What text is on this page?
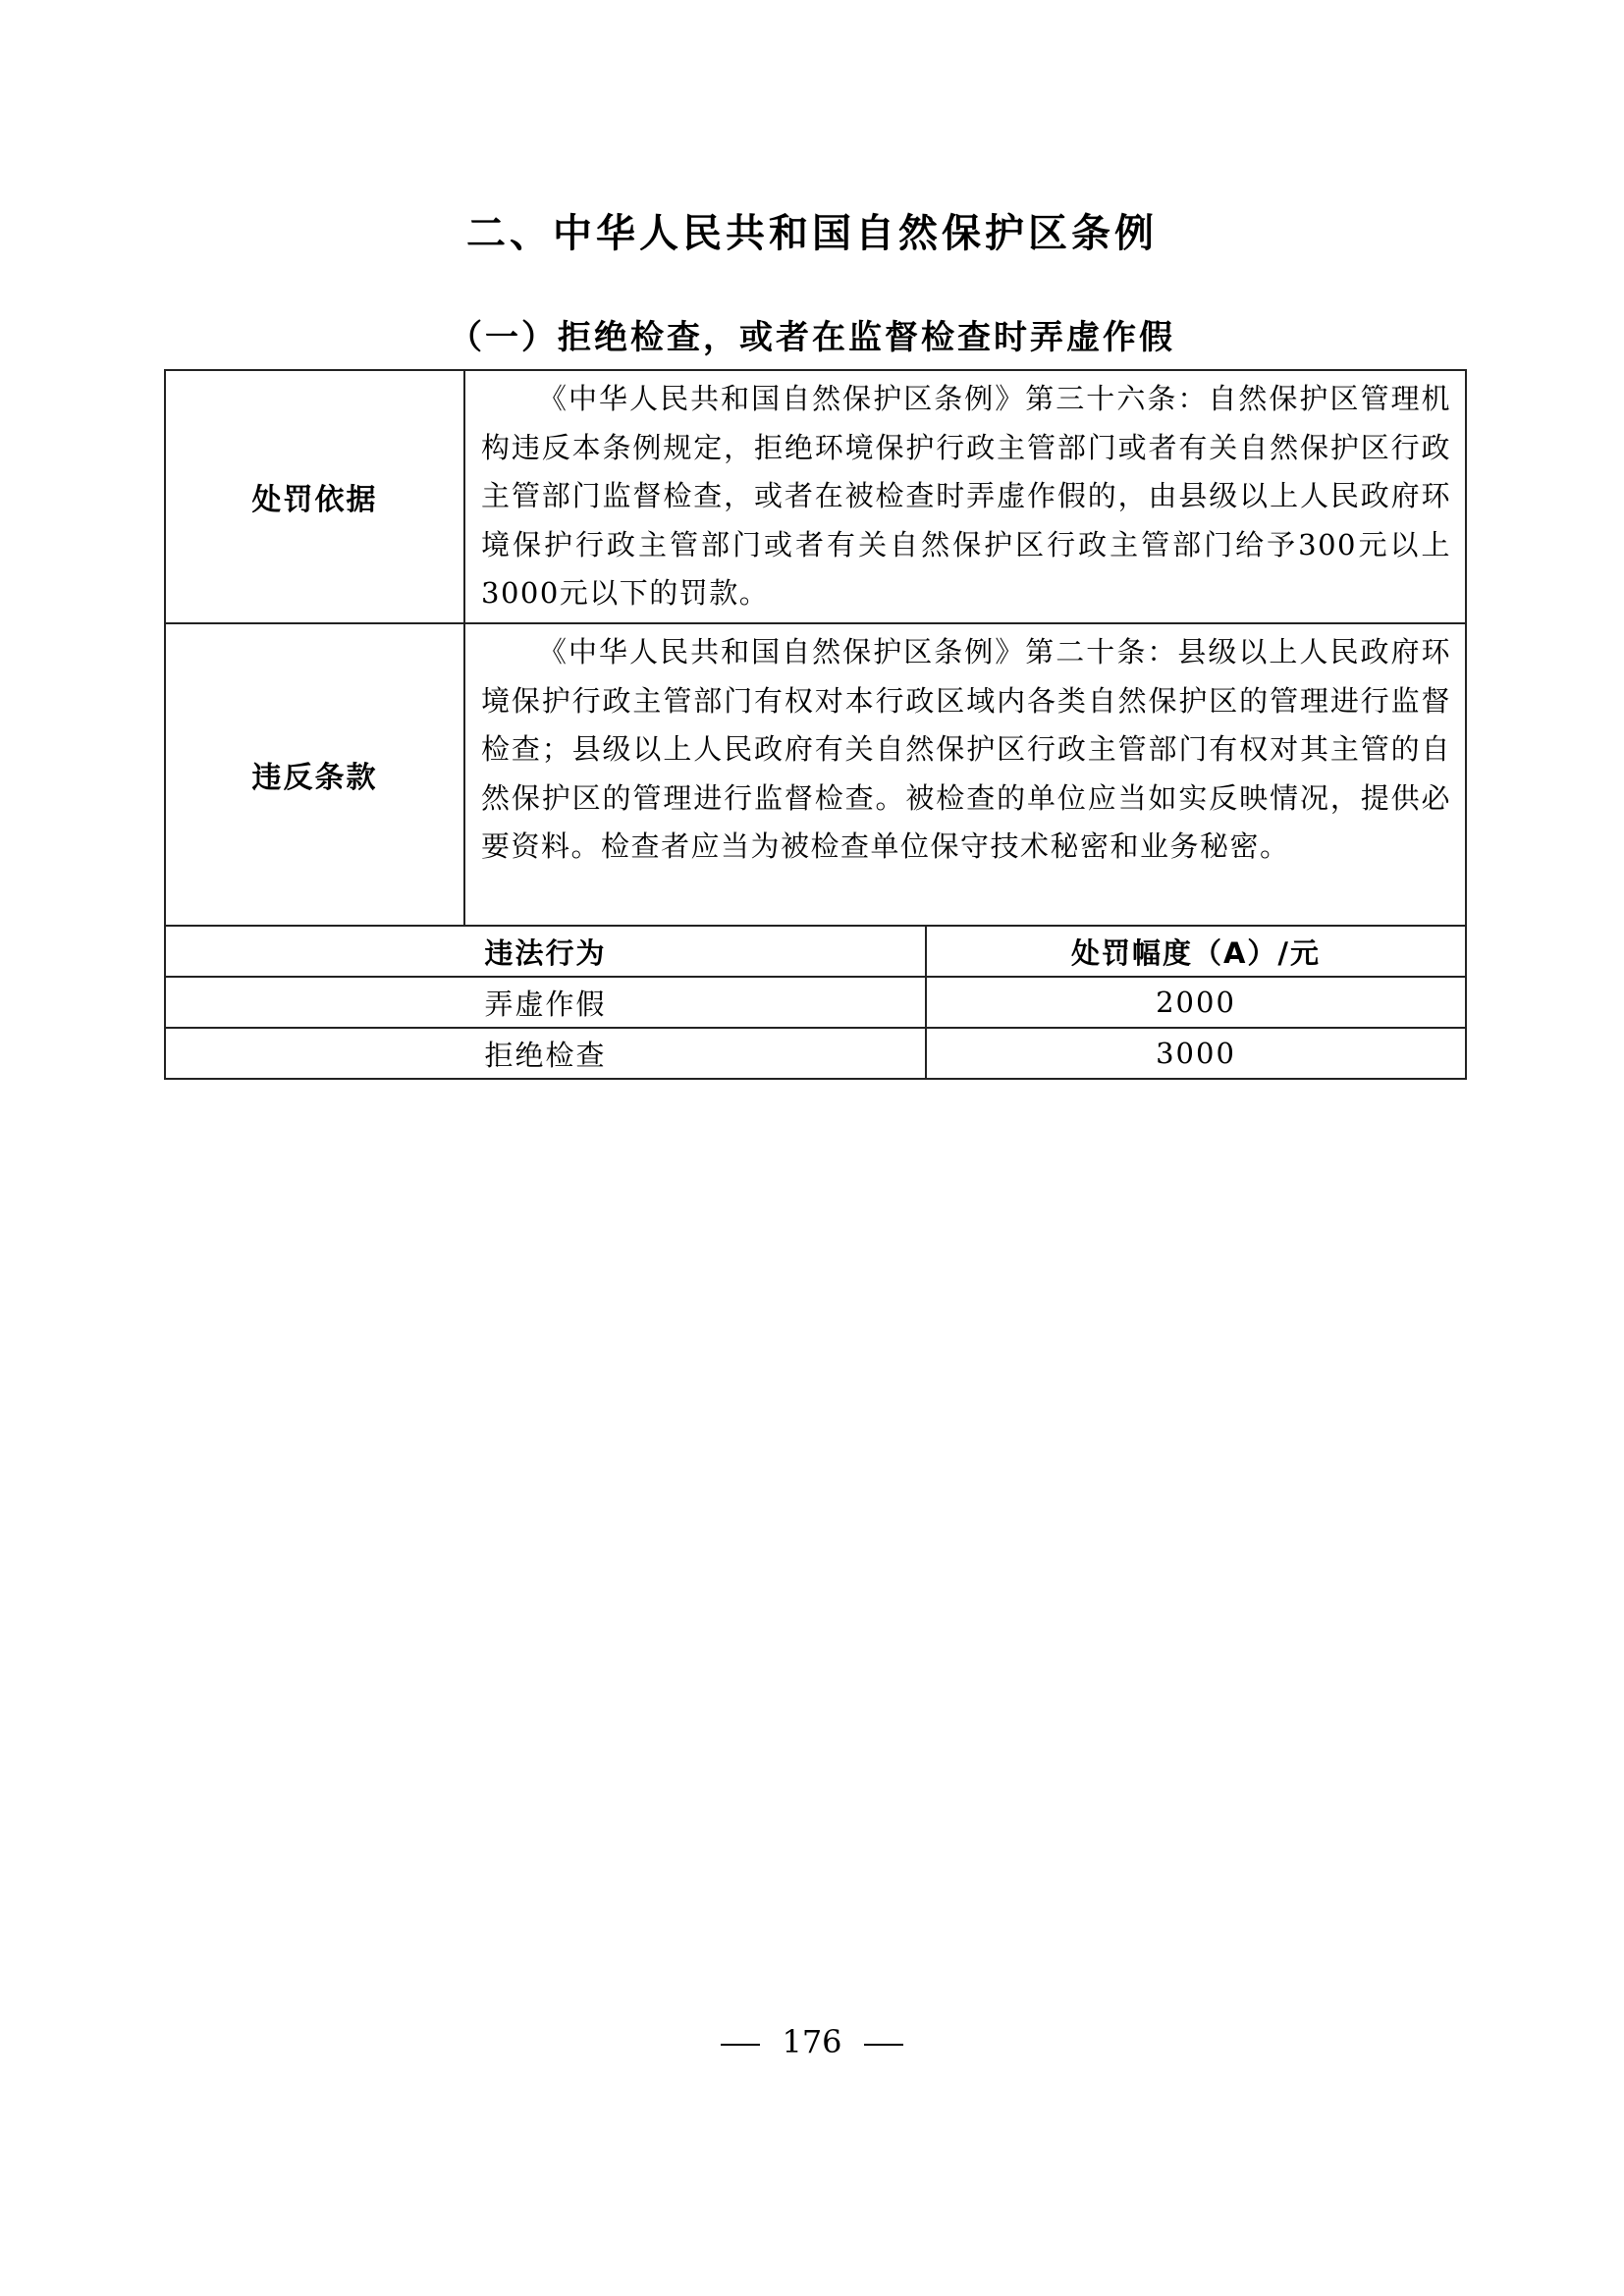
二、中华人民共和国自然保护区条例
（一）拒绝检查，或者在监督检查时弄虚作假
处罚依据	《中华人民共和国自然保护区条例》第三十六条：自然保护区管理机构违反本条例规定，拒绝环境保护行政主管部门或者有关自然保护区行政主管部门监督检查，或者在被检查时弄虚作假的，由县级以上人民政府环境保护行政主管部门或者有关自然保护区行政主管部门给予300元以上3000元以下的罚款。	

违反条款	《中华人民共和国自然保护区条例》第二十条：县级以上人民政府环境保护行政主管部门有权对本行政区域内各类自然保护区的管理进行监督检查；县级以上人民政府有关自然保护区行政主管部门有权对其主管的自然保护区的管理进行监督检查。被检查的单位应当如实反映情况，提供必要资料。检查者应当为被检查单位保守技术秘密和业务秘密。	

违法行为		处罚幅度（A）/元
弄虚作假		2000
拒绝检查		3000
176
